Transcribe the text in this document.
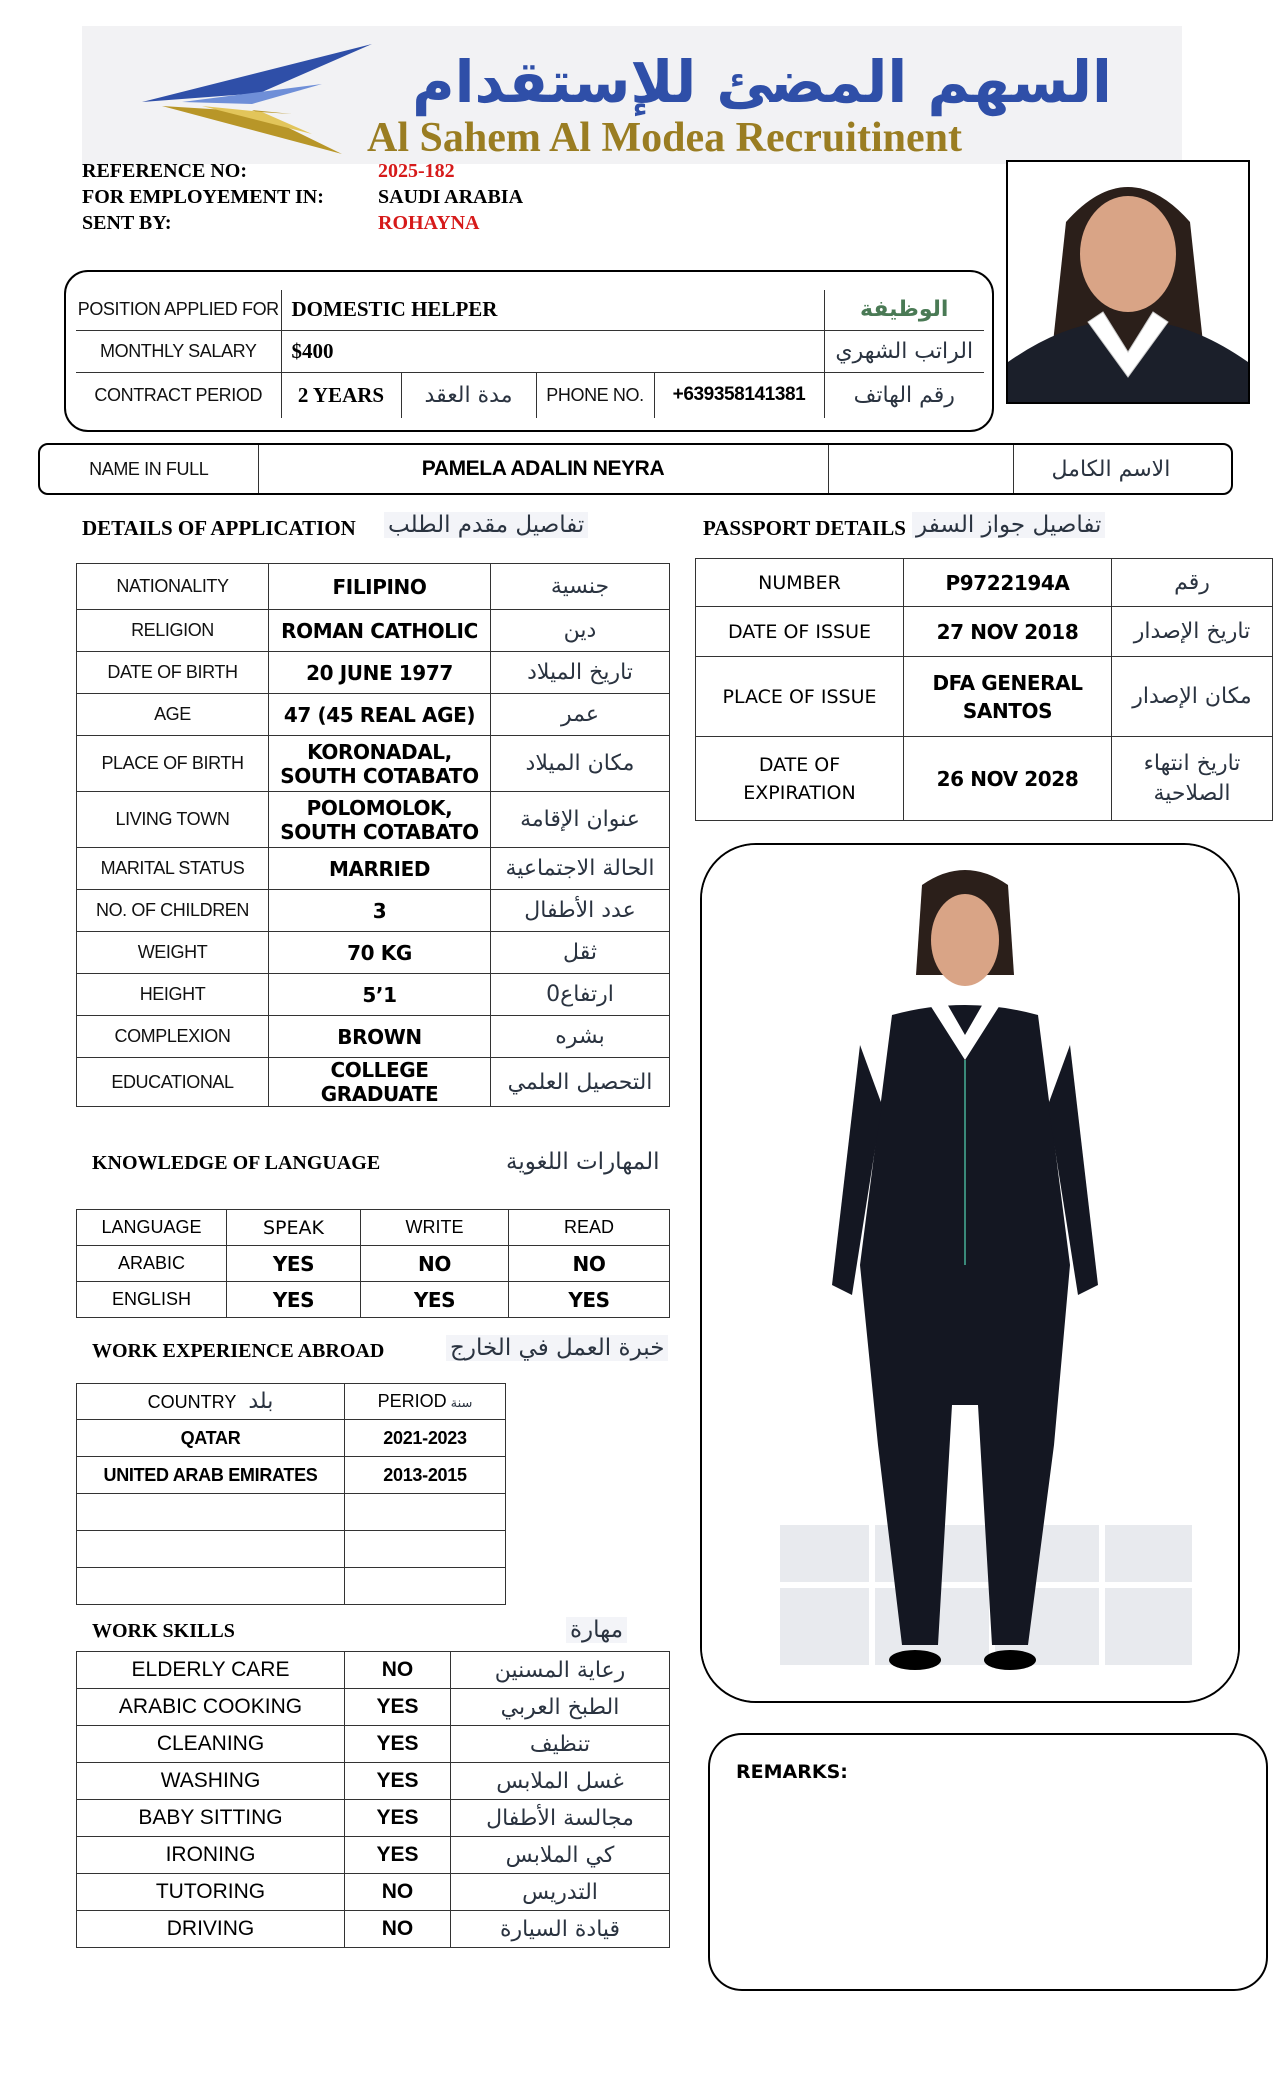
السهم المضئ للإستقدام
Al Sahem Al Modea Recruitinent
REFERENCE NO:	2025-182
FOR EMPLOYEMENT IN:	SAUDI ARABIA
SENT BY:	ROHAYNA
POSITION APPLIED FOR	DOMESTIC HELPER				الوظيفة
MONTHLY SALARY	$400				الراتب الشهري
CONTRACT PERIOD	2 YEARS	مدة العقد	PHONE NO.	+639358141381	رقم الهاتف
NAME IN FULL	PAMELA ADALIN NEYRA		الاسم الكامل
DETAILS OF APPLICATION تفاصيل مقدم الطلب
NATIONALITY	FILIPINO	جنسية
RELIGION	ROMAN CATHOLIC	دين
DATE OF BIRTH	20 JUNE 1977	تاريخ الميلاد
AGE	47 (45 REAL AGE)	عمر
PLACE OF BIRTH	KORONADAL, SOUTH COTABATO	مكان الميلاد
LIVING TOWN	POLOMOLOK, SOUTH COTABATO	عنوان الإقامة
MARITAL STATUS	MARRIED	الحالة الاجتماعية
NO. OF CHILDREN	3	عدد الأطفال
WEIGHT	70 KG	ثقل
HEIGHT	5’1	ارتفاع0
COMPLEXION	BROWN	بشره
EDUCATIONAL	COLLEGE GRADUATE	التحصيل العلمي
PASSPORT DETAILS تفاصيل جواز السفر
NUMBER	P9722194A	رقم
DATE OF ISSUE	27 NOV 2018	تاريخ الإصدار
PLACE OF ISSUE	DFA GENERAL SANTOS	مكان الإصدار
DATE OF EXPIRATION	26 NOV 2028	تاريخ انتهاء الصلاحية
KNOWLEDGE OF LANGUAGE	المهارات اللغوية
LANGUAGE	SPEAK	WRITE	READ
ARABIC	YES	NO	NO
ENGLISH	YES	YES	YES
WORK EXPERIENCE ABROAD	خبرة العمل في الخارج
COUNTRY بلد	PERIOD سنة
QATAR	2021-2023
UNITED ARAB EMIRATES	2013-2015

WORK SKILLS	مهارة
ELDERLY CARE	NO	رعاية المسنين
ARABIC COOKING	YES	الطبخ العربي
CLEANING	YES	تنظيف
WASHING	YES	غسل الملابس
BABY SITTING	YES	مجالسة الأطفال
IRONING	YES	كي الملابس
TUTORING	NO	التدريس
DRIVING	NO	قيادة السيارة
REMARKS:
